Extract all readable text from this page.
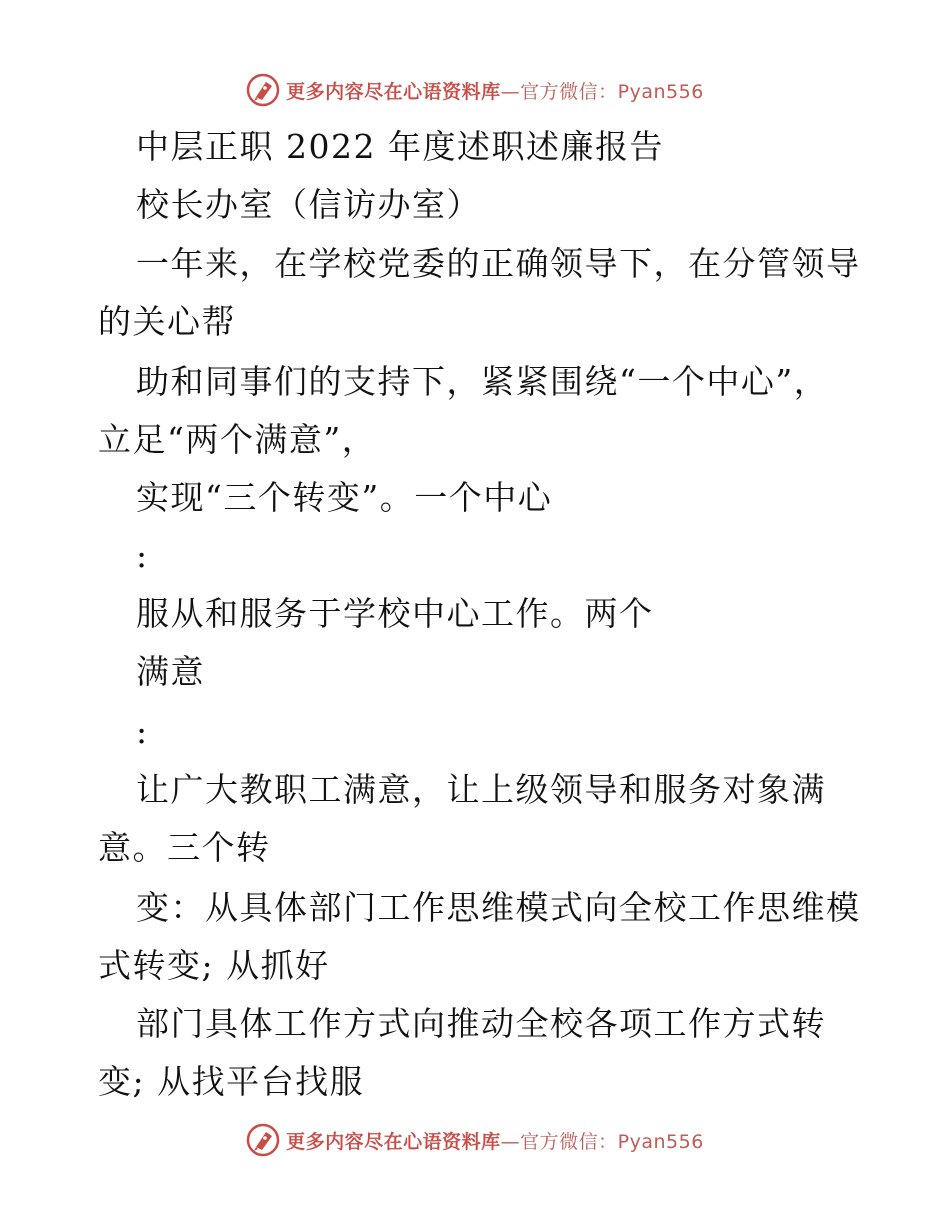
更多内容尽在心语资料库—官方微信：Pyan556
中层正职 2022 年度述职述廉报告
校长办室（信访办室）
一年来，在学校党委的正确领导下，在分管领导
的关心帮
助和同事们的支持下，紧紧围绕“一个中心”，
立足“两个满意”，
实现“三个转变”。一个中心
:
服从和服务于学校中心工作。两个
满意
:
让广大教职工满意，让上级领导和服务对象满
意。三个转
变：从具体部门工作思维模式向全校工作思维模
式转变; 从抓好
部门具体工作方式向推动全校各项工作方式转
变; 从找平台找服
更多内容尽在心语资料库—官方微信：Pyan556
